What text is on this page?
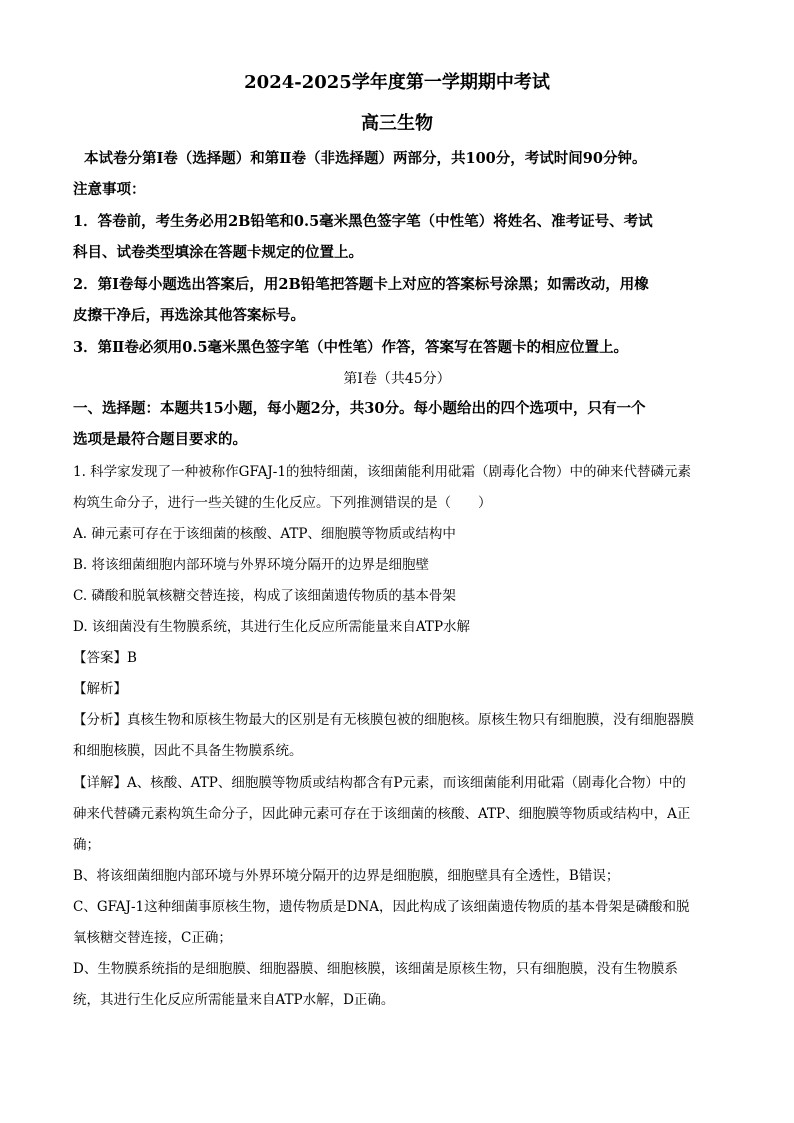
2024-2025学年度第一学期期中考试
高三生物
本试卷分第Ⅰ卷（选择题）和第Ⅱ卷（非选择题）两部分，共100分，考试时间90分钟。
注意事项：
1．答卷前，考生务必用2B铅笔和0.5毫米黑色签字笔（中性笔）将姓名、准考证号、考试
科目、试卷类型填涂在答题卡规定的位置上。
2．第Ⅰ卷每小题选出答案后，用2B铅笔把答题卡上对应的答案标号涂黑；如需改动，用橡
皮擦干净后，再选涂其他答案标号。
3．第Ⅱ卷必须用0.5毫米黑色签字笔（中性笔）作答，答案写在答题卡的相应位置上。
第Ⅰ卷（共45分）
一、选择题：本题共15小题，每小题2分，共30分。每小题给出的四个选项中，只有一个
选项是最符合题目要求的。
1. 科学家发现了一种被称作GFAJ-1的独特细菌，该细菌能利用砒霜（剧毒化合物）中的砷来代替磷元素
构筑生命分子，进行一些关键的生化反应。下列推测错误的是（　　）
A. 砷元素可存在于该细菌的核酸、ATP、细胞膜等物质或结构中
B. 将该细菌细胞内部环境与外界环境分隔开的边界是细胞壁
C. 磷酸和脱氧核糖交替连接，构成了该细菌遗传物质的基本骨架
D. 该细菌没有生物膜系统，其进行生化反应所需能量来自ATP水解
【答案】B
【解析】
【分析】真核生物和原核生物最大的区别是有无核膜包被的细胞核。原核生物只有细胞膜，没有细胞器膜
和细胞核膜，因此不具备生物膜系统。
【详解】A、核酸、ATP、细胞膜等物质或结构都含有P元素，而该细菌能利用砒霜（剧毒化合物）中的
砷来代替磷元素构筑生命分子，因此砷元素可存在于该细菌的核酸、ATP、细胞膜等物质或结构中，A正
确；
B、将该细菌细胞内部环境与外界环境分隔开的边界是细胞膜，细胞壁具有全透性，B错误；
C、GFAJ-1这种细菌事原核生物，遗传物质是DNA，因此构成了该细菌遗传物质的基本骨架是磷酸和脱
氧核糖交替连接，C正确；
D、生物膜系统指的是细胞膜、细胞器膜、细胞核膜，该细菌是原核生物，只有细胞膜，没有生物膜系
统，其进行生化反应所需能量来自ATP水解，D正确。
